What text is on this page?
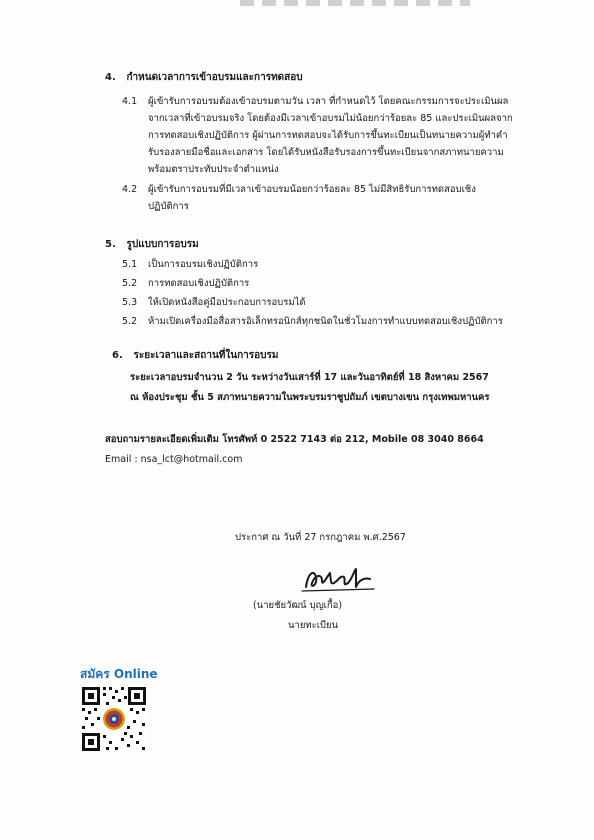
4. กำหนดเวลาการเข้าอบรมและการทดสอบ
4.1 ผู้เข้ารับการอบรมต้องเข้าอบรมตามวัน เวลา ที่กำหนดไว้ โดยคณะกรรมการจะประเมินผล
จากเวลาที่เข้าอบรมจริง โดยต้องมีเวลาเข้าอบรมไม่น้อยกว่าร้อยละ 85 และประเมินผลจาก
การทดสอบเชิงปฏิบัติการ ผู้ผ่านการทดสอบจะได้รับการขึ้นทะเบียนเป็นทนายความผู้ทำคำ
รับรองลายมือชื่อและเอกสาร โดยได้รับหนังสือรับรองการขึ้นทะเบียนจากสภาทนายความ
พร้อมตราประทับประจำตำแหน่ง
4.2 ผู้เข้ารับการอบรมที่มีเวลาเข้าอบรมน้อยกว่าร้อยละ 85 ไม่มีสิทธิรับการทดสอบเชิง
ปฏิบัติการ
5. รูปแบบการอบรม
5.1 เป็นการอบรมเชิงปฏิบัติการ
5.2 การทดสอบเชิงปฏิบัติการ
5.3 ให้เปิดหนังสือคู่มือประกอบการอบรมได้
5.2 ห้ามเปิดเครื่องมือสื่อสารอิเล็กทรอนิกส์ทุกชนิดในชั่วโมงการทำแบบทดสอบเชิงปฏิบัติการ
6. ระยะเวลาและสถานที่ในการอบรม
ระยะเวลาอบรมจำนวน 2 วัน ระหว่างวันเสาร์ที่ 17 และวันอาทิตย์ที่ 18 สิงหาคม 2567
ณ ห้องประชุม ชั้น 5 สภาทนายความในพระบรมราชูปถัมภ์ เขตบางเขน กรุงเทพมหานคร
สอบถามรายละเอียดเพิ่มเติม โทรศัพท์ 0 2522 7143 ต่อ 212, Mobile 08 3040 8664
Email : nsa_lct@hotmail.com
ประกาศ ณ วันที่ 27 กรกฎาคม พ.ศ.2567
(นายชัยวัฒน์ บุญเกื้อ)
นายทะเบียน
สมัคร Online
